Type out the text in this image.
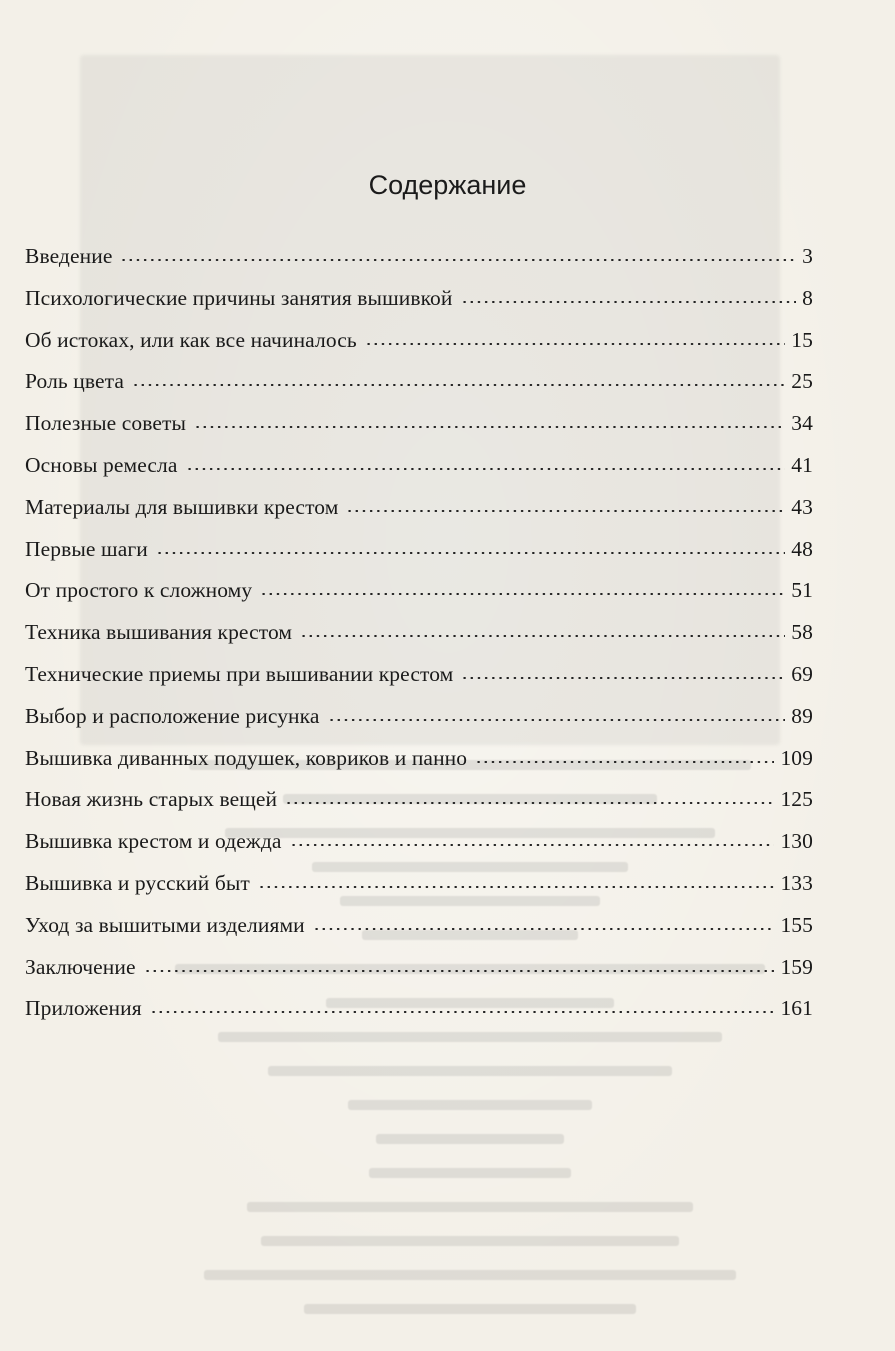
Содержание
Введение	3
Психологические причины занятия вышивкой	8
Об истоках, или как все начиналось	15
Роль цвета	25
Полезные советы	34
Основы ремесла	41
Материалы для вышивки крестом	43
Первые шаги	48
От простого к сложному	51
Техника вышивания крестом	58
Технические приемы при вышивании крестом	69
Выбор и расположение рисунка	89
Вышивка диванных подушек, ковриков и панно	109
Новая жизнь старых вещей	125
Вышивка крестом и одежда	130
Вышивка и русский быт	133
Уход за вышитыми изделиями	155
Заключение	159
Приложения	161
